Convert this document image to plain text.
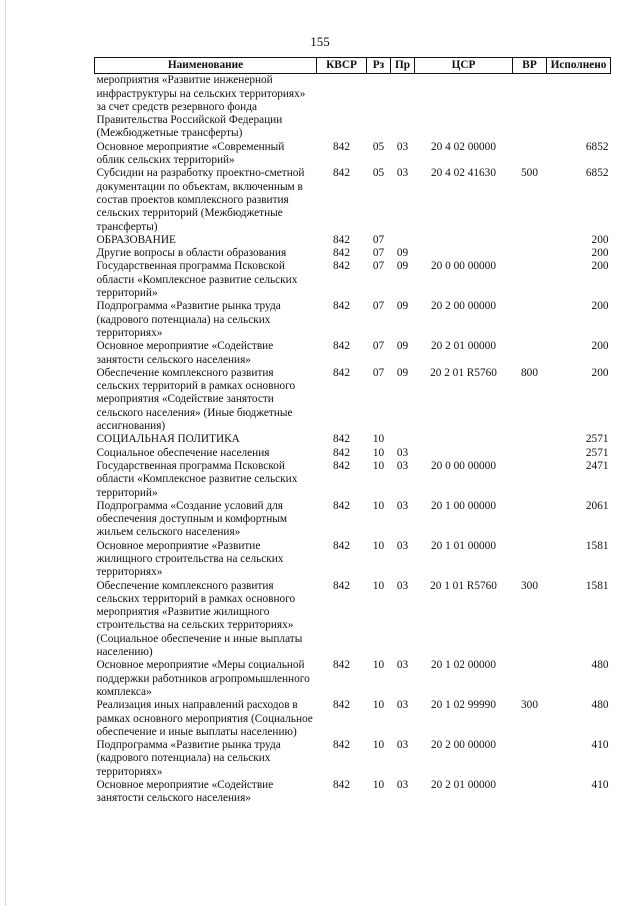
155
Наименование	КВСР	Рз	Пр	ЦСР	ВР	Исполнено
мероприятия «Развитие инженерной инфраструктуры на сельских территориях» за счет средств резервного фонда Правительства Российской Федерации (Межбюджетные трансферты)						
Основное мероприятие «Современный облик сельских территорий»	842	05	03	20 4 02 00000		6852
Субсидии на разработку проектно-сметной документации по объектам, включенным в состав проектов комплексного развития сельских территорий (Межбюджетные трансферты)	842	05	03	20 4 02 41630	500	6852
ОБРАЗОВАНИЕ	842	07				200
Другие вопросы в области образования	842	07	09			200
Государственная программа Псковской области «Комплексное развитие сельских территорий»	842	07	09	20 0 00 00000		200
Подпрограмма «Развитие рынка труда (кадрового потенциала) на сельских территориях»	842	07	09	20 2 00 00000		200
Основное мероприятие «Содействие занятости сельского населения»	842	07	09	20 2 01 00000		200
Обеспечение комплексного развития сельских территорий в рамках основного мероприятия «Содействие занятости сельского населения» (Иные бюджетные ассигнования)	842	07	09	20 2 01 R5760	800	200
СОЦИАЛЬНАЯ ПОЛИТИКА	842	10				2571
Социальное обеспечение населения	842	10	03			2571
Государственная программа Псковской области «Комплексное развитие сельских территорий»	842	10	03	20 0 00 00000		2471
Подпрограмма «Создание условий для обеспечения доступным и комфортным жильем сельского населения»	842	10	03	20 1 00 00000		2061
Основное мероприятие «Развитие жилищного строительства на сельских территориях»	842	10	03	20 1 01 00000		1581
Обеспечение комплексного развития сельских территорий в рамках основного мероприятия «Развитие жилищного строительства на сельских территориях» (Социальное обеспечение и иные выплаты населению)	842	10	03	20 1 01 R5760	300	1581
Основное мероприятие «Меры социальной поддержки работников агропромышленного комплекса»	842	10	03	20 1 02 00000		480
Реализация иных направлений расходов в рамках основного мероприятия (Социальное обеспечение и иные выплаты населению)	842	10	03	20 1 02 99990	300	480
Подпрограмма «Развитие рынка труда (кадрового потенциала) на сельских территориях»	842	10	03	20 2 00 00000		410
Основное мероприятие «Содействие занятости сельского населения»	842	10	03	20 2 01 00000		410
